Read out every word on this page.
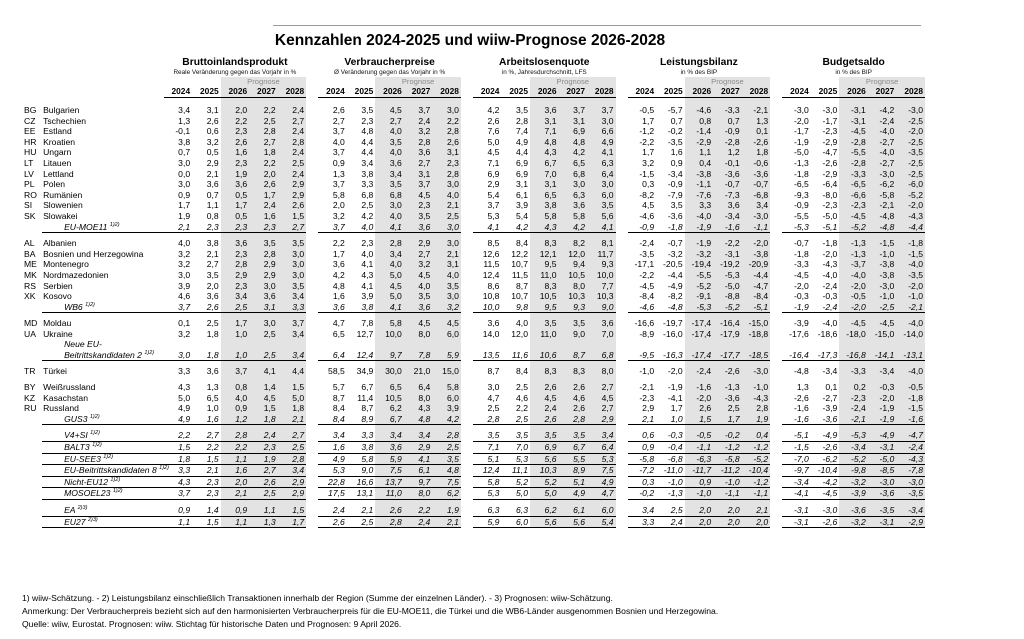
Kennzahlen 2024-2025 und wiiw-Prognose 2026-2028
		Bruttoinlandsprodukt						Verbraucherpreise						Arbeitslosenquote						Leistungsbilanz						Budgetsaldo				
		Reale Veränderung gegen das Vorjahr in %						Ø Veränderung gegen das Vorjahr in %						in %, Jahresdurchschnitt, LFS						in % des BIP						in % des BIP				
				Prognose						Prognose						Prognose						Prognose						Prognose		
		2024	2025	2026	2027	2028		2024	2025	2026	2027	2028		2024	2025	2026	2027	2028		2024	2025	2026	2027	2028		2024	2025	2026	2027	2028

BG	Bulgarien	3,4	3,1	2,0	2,2	2,4		2,6	3,5	4,5	3,7	3,0		4,2	3,5	3,6	3,7	3,7		-0,5	-5,7	-4,6	-3,3	-2,1		-3,0	-3,0	-3,1	-4,2	-3,0
CZ	Tschechien	1,3	2,6	2,2	2,5	2,7		2,7	2,3	2,7	2,4	2,2		2,6	2,8	3,1	3,1	3,0		1,7	0,7	0,8	0,7	1,3		-2,0	-1,7	-3,1	-2,4	-2,5
EE	Estland	-0,1	0,6	2,3	2,8	2,4		3,7	4,8	4,0	3,2	2,8		7,6	7,4	7,1	6,9	6,6		-1,2	-0,2	-1,4	-0,9	0,1		-1,7	-2,3	-4,5	-4,0	-2,0
HR	Kroatien	3,8	3,2	2,6	2,7	2,8		4,0	4,4	3,5	2,8	2,6		5,0	4,9	4,8	4,8	4,9		-2,2	-3,5	-2,9	-2,8	-2,6		-1,9	-2,9	-2,8	-2,7	-2,5
HU	Ungarn	0,7	0,5	1,6	1,8	2,4		3,7	4,4	4,0	3,6	3,1		4,5	4,4	4,3	4,2	4,1		1,7	1,6	1,1	1,2	1,8		-5,0	-4,7	-5,5	-4,0	-3,5
LT	Litauen	3,0	2,9	2,3	2,2	2,5		0,9	3,4	3,6	2,7	2,3		7,1	6,9	6,7	6,5	6,3		3,2	0,9	0,4	-0,1	-0,6		-1,3	-2,6	-2,8	-2,7	-2,5
LV	Lettland	0,0	2,1	1,9	2,0	2,4		1,3	3,8	3,4	3,1	2,8		6,9	6,9	7,0	6,8	6,4		-1,5	-3,4	-3,8	-3,6	-3,6		-1,8	-2,9	-3,3	-3,0	-2,5
PL	Polen	3,0	3,6	3,6	2,6	2,9		3,7	3,3	3,5	3,7	3,0		2,9	3,1	3,1	3,0	3,0		0,3	-0,9	-1,1	-0,7	-0,7		-6,5	-6,4	-6,5	-6,2	-6,0
RO	Rumänien	0,9	0,7	0,5	1,7	2,9		5,8	6,8	6,8	4,5	4,0		5,4	6,1	6,5	6,3	6,0		-8,2	-7,9	-7,6	-7,3	-6,8		-9,3	-8,0	-6,6	-5,8	-5,2
SI	Slowenien	1,7	1,1	1,7	2,4	2,6		2,0	2,5	3,0	2,3	2,1		3,7	3,9	3,8	3,6	3,5		4,5	3,5	3,3	3,6	3,4		-0,9	-2,3	-2,3	-2,1	-2,0
SK	Slowakei	1,9	0,8	0,5	1,6	1,5		3,2	4,2	4,0	3,5	2,5		5,3	5,4	5,8	5,8	5,6		-4,6	-3,6	-4,0	-3,4	-3,0		-5,5	-5,0	-4,5	-4,8	-4,3
	EU-MOE11 $^{1)2)}$	2,1	2,3	2,3	2,3	2,7		3,7	4,0	4,1	3,6	3,0		4,1	4,2	4,3	4,2	4,1		-0,9	-1,8	-1,9	-1,6	-1,1		-5,3	-5,1	-5,2	-4,8	-4,4

AL	Albanien	4,0	3,8	3,6	3,5	3,5		2,2	2,3	2,8	2,9	3,0		8,5	8,4	8,3	8,2	8,1		-2,4	-0,7	-1,9	-2,2	-2,0		-0,7	-1,8	-1,3	-1,5	-1,8
BA	Bosnien und Herzegowina	3,2	2,1	2,3	2,8	3,0		1,7	4,0	3,4	2,7	2,1		12,6	12,2	12,1	12,0	11,7		-3,5	-3,2	-3,2	-3,1	-3,8		-1,8	-2,0	-1,3	-1,0	-1,5
ME	Montenegro	3,2	2,7	2,8	2,9	3,0		3,6	4,1	4,0	3,2	3,1		11,5	10,7	9,5	9,4	9,3		-17,1	-20,5	-19,4	-19,2	-20,9		-3,3	-4,3	-3,7	-3,8	-4,0
MK	Nordmazedonien	3,0	3,5	2,9	2,9	3,0		4,2	4,3	5,0	4,5	4,0		12,4	11,5	11,0	10,5	10,0		-2,2	-4,4	-5,5	-5,3	-4,4		-4,5	-4,0	-4,0	-3,8	-3,5
RS	Serbien	3,9	2,0	2,3	3,0	3,5		4,8	4,1	4,5	4,0	3,5		8,6	8,7	8,3	8,0	7,7		-4,5	-4,9	-5,2	-5,0	-4,7		-2,0	-2,4	-2,0	-3,0	-2,0
XK	Kosovo	4,6	3,6	3,4	3,6	3,4		1,6	3,9	5,0	3,5	3,0		10,8	10,7	10,5	10,3	10,3		-8,4	-8,2	-9,1	-8,8	-8,4		-0,3	-0,3	-0,5	-1,0	-1,0
	WB6 $^{1)2)}$	3,7	2,6	2,5	3,1	3,3		3,6	3,8	4,1	3,6	3,2		10,0	9,8	9,5	9,3	9,0		-4,6	-4,8	-5,3	-5,2	-5,1		-1,9	-2,4	-2,0	-2,5	-2,1

MD	Moldau	0,1	2,5	1,7	3,0	3,7		4,7	7,8	5,8	4,5	4,5		3,6	4,0	3,5	3,5	3,6		-16,6	-19,7	-17,4	-16,4	-15,0		-3,9	-4,0	-4,5	-4,5	-4,0
UA	Ukraine	3,2	1,8	1,0	2,5	3,4		6,5	12,7	10,0	8,0	6,0		14,0	12,0	11,0	9,0	7,0		-8,9	-16,0	-17,4	-17,9	-18,8		-17,6	-18,6	-18,0	-15,0	-14,0
	Neue EU-Beitrittskandidaten 2 $^{1)2)}$	3,0	1,8	1,0	2,5	3,4		6,4	12,4	9,7	7,8	5,9		13,5	11,6	10,6	8,7	6,8		-9,5	-16,3	-17,4	-17,7	-18,5		-16,4	-17,3	-16,8	-14,1	-13,1

TR	Türkei	3,3	3,6	3,7	4,1	4,4		58,5	34,9	30,0	21,0	15,0		8,7	8,4	8,3	8,3	8,0		-1,0	-2,0	-2,4	-2,6	-3,0		-4,8	-3,4	-3,3	-3,4	-4,0

BY	Weißrussland	4,3	1,3	0,8	1,4	1,5		5,7	6,7	6,5	6,4	5,8		3,0	2,5	2,6	2,6	2,7		-2,1	-1,9	-1,6	-1,3	-1,0		1,3	0,1	0,2	-0,3	-0,5
KZ	Kasachstan	5,0	6,5	4,0	4,5	5,0		8,7	11,4	10,5	8,0	6,0		4,7	4,6	4,5	4,6	4,5		-2,3	-4,1	-2,0	-3,6	-4,3		-2,6	-2,7	-2,3	-2,0	-1,8
RU	Russland	4,9	1,0	0,9	1,5	1,8		8,4	8,7	6,2	4,3	3,9		2,5	2,2	2,4	2,6	2,7		2,9	1,7	2,6	2,5	2,8		-1,6	-3,9	-2,4	-1,9	-1,5
	GUS3 $^{1)2)}$	4,9	1,6	1,2	1,8	2,1		8,4	8,9	6,7	4,8	4,2		2,8	2,5	2,6	2,8	2,9		2,1	1,0	1,5	1,7	1,9		-1,6	-3,6	-2,1	-1,9	-1,6

	V4+SI $^{1)2)}$	2,2	2,7	2,8	2,4	2,7		3,4	3,3	3,4	3,4	2,8		3,5	3,5	3,5	3,5	3,4		0,6	-0,3	-0,5	-0,2	0,4		-5,1	-4,9	-5,3	-4,9	-4,7
	BALT3 $^{1)2)}$	1,5	2,2	2,2	2,3	2,5		1,6	3,8	3,6	2,9	2,5		7,1	7,0	6,9	6,7	6,4		0,9	-0,4	-1,1	-1,2	-1,2		-1,5	-2,6	-3,4	-3,1	-2,4
	EU-SEE3 $^{1)2)}$	1,8	1,5	1,1	1,9	2,8		4,9	5,8	5,9	4,1	3,5		5,1	5,3	5,6	5,5	5,3		-5,8	-6,8	-6,3	-5,8	-5,2		-7,0	-6,2	-5,2	-5,0	-4,3
	EU-Beitrittskandidaten 8 $^{1)2)}$	3,3	2,1	1,6	2,7	3,4		5,3	9,0	7,5	6,1	4,8		12,4	11,1	10,3	8,9	7,5		-7,2	-11,0	-11,7	-11,2	-10,4		-9,7	-10,4	-9,8	-8,5	-7,8
	Nicht-EU12 $^{1)2)}$	4,3	2,3	2,0	2,6	2,9		22,8	16,6	13,7	9,7	7,5		5,8	5,2	5,2	5,1	4,9		0,3	-1,0	0,9	-1,0	-1,2		-3,4	-4,2	-3,2	-3,0	-3,0
	MOSOEL23 $^{1)2)}$	3,7	2,3	2,1	2,5	2,9		17,5	13,1	11,0	8,0	6,2		5,3	5,0	5,0	4,9	4,7		-0,2	-1,3	-1,0	-1,1	-1,1		-4,1	-4,5	-3,9	-3,6	-3,5

	EA $^{2)3)}$	0,9	1,4	0,9	1,1	1,5		2,4	2,1	2,6	2,2	1,9		6,3	6,3	6,2	6,1	6,0		3,4	2,5	2,0	2,0	2,1		-3,1	-3,0	-3,6	-3,5	-3,4
	EU27 $^{2)3)}$	1,1	1,5	1,1	1,3	1,7		2,6	2,5	2,8	2,4	2,1		5,9	6,0	5,6	5,6	5,4		3,3	2,4	2,0	2,0	2,0		-3,1	-2,6	-3,2	-3,1	-2,9
1) wiiw-Schätzung. - 2) Leistungsbilanz einschließlich Transaktionen innerhalb der Region (Summe der einzelnen Länder). - 3) Prognosen: wiiw-Schätzung.
Anmerkung: Der Verbraucherpreis bezieht sich auf den harmonisierten Verbraucherpreis für die EU-MOE11, die Türkei und die WB6-Länder ausgenommen Bosnien und Herzegowina.
Quelle: wiiw, Eurostat. Prognosen: wiiw. Stichtag für historische Daten und Prognosen: 9 April 2026.
